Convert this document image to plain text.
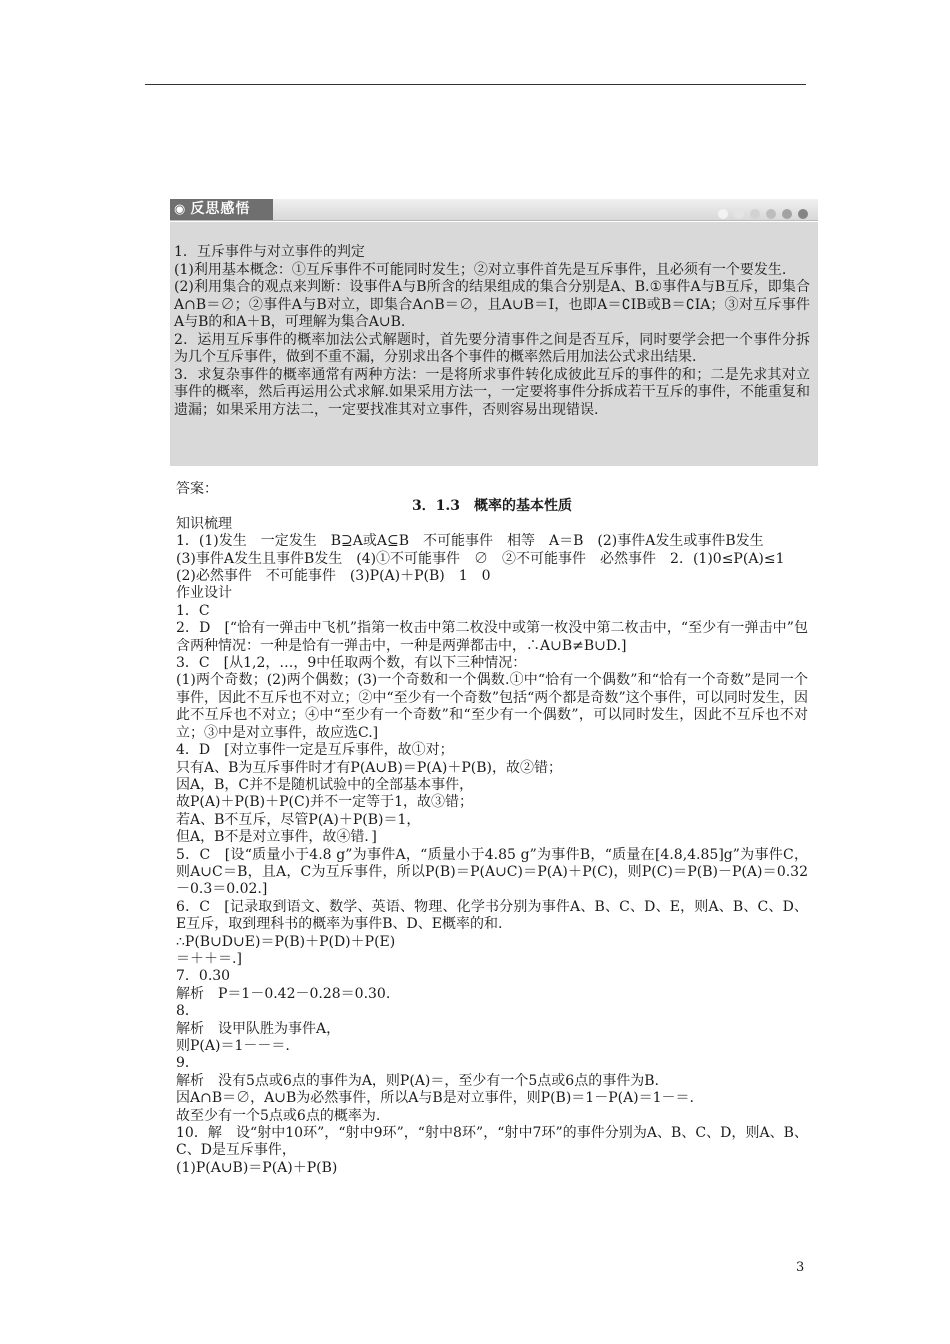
◉ 反思感悟

1．互斥事件与对立事件的判定

(1)利用基本概念：①互斥事件不可能同时发生；②对立事件首先是互斥事件，且必须有一个要发生.

(2)利用集合的观点来判断：设事件A与B所含的结果组成的集合分别是A、B.①事件A与B互斥，即集合A∩B＝∅；②事件A与B对立，即集合A∩B＝∅，且A∪B＝I，也即A＝∁IB或B＝∁IA；③对互斥事件A与B的和A＋B，可理解为集合A∪B.

2．运用互斥事件的概率加法公式解题时，首先要分清事件之间是否互斥，同时要学会把一个事件分拆为几个互斥事件，做到不重不漏，分别求出各个事件的概率然后用加法公式求出结果.

3．求复杂事件的概率通常有两种方法：一是将所求事件转化成彼此互斥的事件的和；二是先求其对立事件的概率，然后再运用公式求解.如果采用方法一，一定要将事件分拆成若干互斥的事件，不能重复和遗漏；如果采用方法二，一定要找准其对立事件，否则容易出现错误.

答案：

3．1.3　概率的基本性质

知识梳理

1．(1)发生　一定发生　B⊇A或A⊆B　不可能事件　相等　A＝B　(2)事件A发生或事件B发生

(3)事件A发生且事件B发生　(4)①不可能事件　∅　②不可能事件　必然事件　2．(1)0≤P(A)≤1

(2)必然事件　不可能事件　(3)P(A)＋P(B)　1　0

作业设计

1．C

2．D　[“恰有一弹击中飞机”指第一枚击中第二枚没中或第一枚没中第二枚击中，“至少有一弹击中”包含两种情况：一种是恰有一弹击中，一种是两弹都击中，∴A∪B≠B∪D.]

3．C　[从1,2，…，9中任取两个数，有以下三种情况：

(1)两个奇数；(2)两个偶数；(3)一个奇数和一个偶数.①中“恰有一个偶数”和“恰有一个奇数”是同一个事件，因此不互斥也不对立；②中“至少有一个奇数”包括“两个都是奇数”这个事件，可以同时发生，因此不互斥也不对立；④中“至少有一个奇数”和“至少有一个偶数”，可以同时发生，因此不互斥也不对立；③中是对立事件，故应选C.]

4．D　[对立事件一定是互斥事件，故①对；

只有A、B为互斥事件时才有P(A∪B)＝P(A)＋P(B)，故②错；

因A，B，C并不是随机试验中的全部基本事件，

故P(A)＋P(B)＋P(C)并不一定等于1，故③错；

若A、B不互斥，尽管P(A)＋P(B)＝1，

但A，B不是对立事件，故④错．]

5．C　[设“质量小于4.8 g”为事件A，“质量小于4.85 g”为事件B，“质量在[4.8,4.85]g”为事件C，则A∪C＝B，且A，C为互斥事件，所以P(B)＝P(A∪C)＝P(A)＋P(C)，则P(C)＝P(B)－P(A)＝0.32－0.3＝0.02.]

6．C　[记录取到语文、数学、英语、物理、化学书分别为事件A、B、C、D、E，则A、B、C、D、E互斥，取到理科书的概率为事件B、D、E概率的和.

∴P(B∪D∪E)＝P(B)＋P(D)＋P(E)

＝＋＋＝.]

7．0.30

解析　P＝1－0.42－0.28＝0.30.

8．

解析　设甲队胜为事件A，

则P(A)＝1－－＝.

9．

解析　没有5点或6点的事件为A，则P(A)＝，至少有一个5点或6点的事件为B.

因A∩B＝∅，A∪B为必然事件，所以A与B是对立事件，则P(B)＝1－P(A)＝1－＝.

故至少有一个5点或6点的概率为.

10．解　设“射中10环”，“射中9环”，“射中8环”，“射中7环”的事件分别为A、B、C、D，则A、B、C、D是互斥事件，

(1)P(A∪B)＝P(A)＋P(B)

3
